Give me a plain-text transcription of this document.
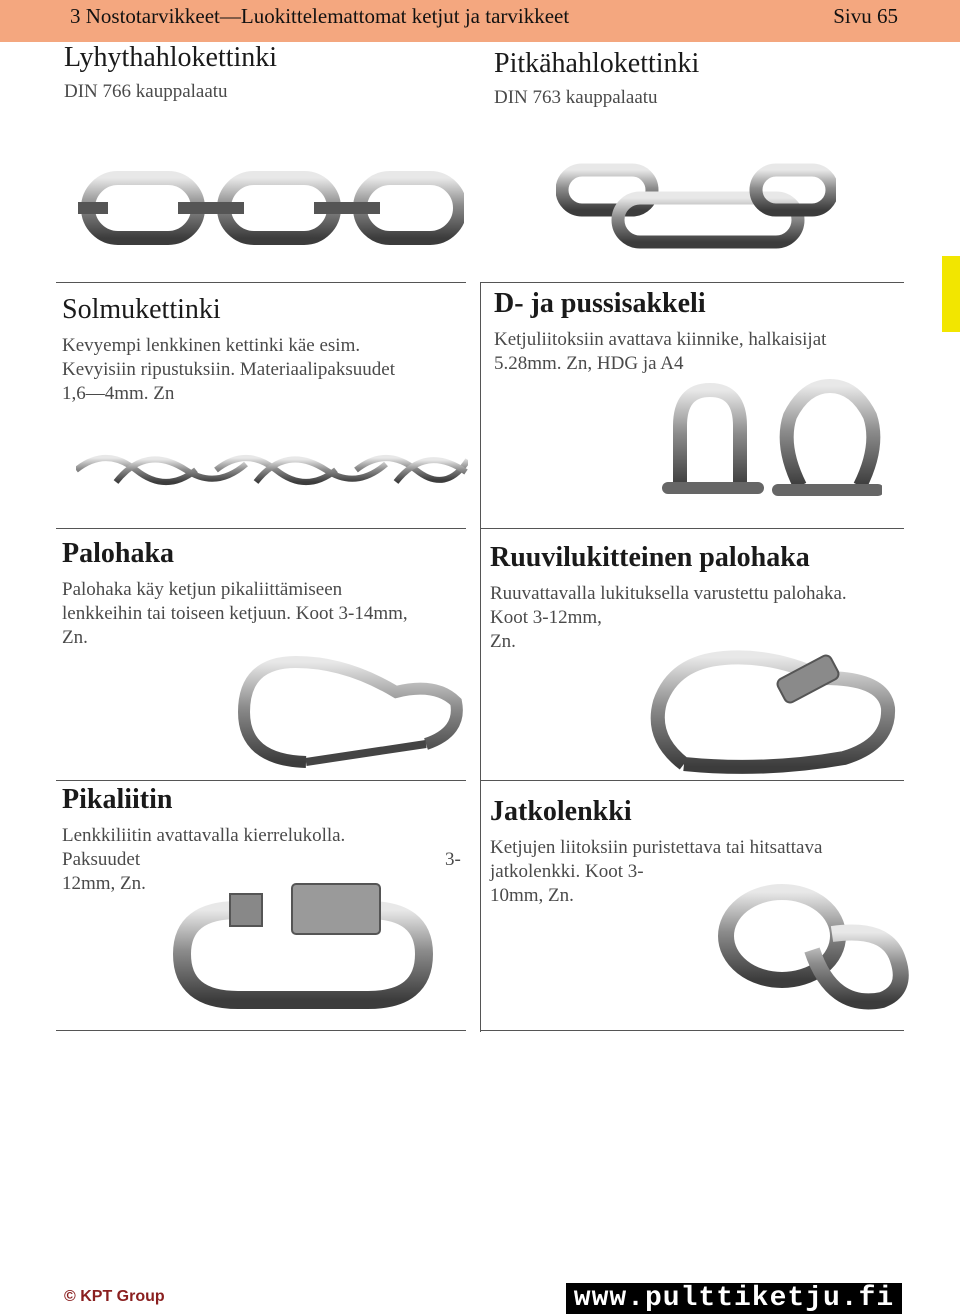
3 Nostotarvikkeet—Luokittelemattomat ketjut ja tarvikkeet	Sivu 65
Lyhythahlokettinki
DIN 766 kauppalaatu
Pitkähahlokettinki
DIN 763 kauppalaatu
Solmukettinki
Kevyempi lenkkinen kettinki käe esim.
Kevyisiin ripustuksiin. Materiaalipaksuudet
1,6—4mm. Zn
D- ja pussisakkeli
Ketjuliitoksiin avattava kiinnike, halkaisijat
5.28mm. Zn, HDG ja A4
Palohaka
Palohaka käy ketjun pikaliittämiseen
lenkkeihin tai toiseen ketjuun. Koot 3-14mm,
Zn.
Ruuvilukitteinen palohaka
Ruuvattavalla lukituksella varustettu palohaka.
Koot 3-12mm,
Zn.
Pikaliitin
Lenkkiliitin avattavalla kierrelukolla.
Paksuudet
12mm, Zn.
3-
Jatkolenkki
Ketjujen liitoksiin puristettava tai hitsattava
jatkolenkki. Koot 3-
10mm, Zn.
© KPT Group	www.pulttiketju.fi
